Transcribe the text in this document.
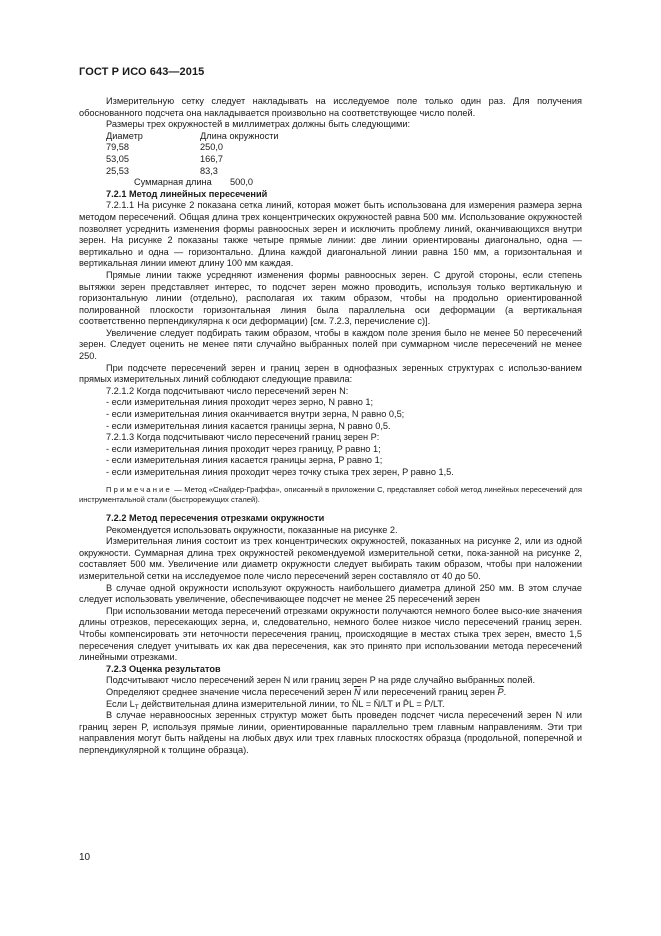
ГОСТ Р ИСО 643—2015

Измерительную сетку следует накладывать на исследуемое поле только один раз. Для получения обоснованного подсчета она накладывается произвольно на соответствующее число полей.

Размеры трех окружностей в миллиметрах должны быть следующими:

Диаметр	Длина окружности
79,58	250,0
53,05	166,7
25,53	83,3
Суммарная длина	500,0

7.2.1 Метод линейных пересечений

7.2.1.1 На рисунке 2 показана сетка линий, которая может быть использована для измерения размера зерна методом пересечений. Общая длина трех концентрических окружностей равна 500 мм. Использование окружностей позволяет усреднить изменения формы равноосных зерен и исключить проблему линий, оканчивающихся внутри зерен. На рисунке 2 показаны также четыре прямые линии: две линии ориентированы диагонально, одна — вертикально и одна — горизонтально. Длина каждой диагональной линии равна 150 мм, а горизонтальная и вертикальная линии имеют длину 100 мм каждая.

Прямые линии также усредняют изменения формы равноосных зерен. С другой стороны, если степень вытяжки зерен представляет интерес, то подсчет зерен можно проводить, используя только вертикальную и горизонтальную линии (отдельно), располагая их таким образом, чтобы на продольно ориентированной полированной плоскости горизонтальная линия была параллельна оси деформации (а вертикальная соответственно перпендикулярна к оси деформации) [см. 7.2.3, перечисление с)].

Увеличение следует подбирать таким образом, чтобы в каждом поле зрения было не менее 50 пересечений зерен. Следует оценить не менее пяти случайно выбранных полей при суммарном числе пересечений не менее 250.

При подсчете пересечений зерен и границ зерен в однофазных зеренных структурах с использо-ванием прямых измерительных линий соблюдают следующие правила:

7.2.1.2 Когда подсчитывают число пересечений зерен N:

- если измерительная линия проходит через зерно, N равно 1;

- если измерительная линия оканчивается внутри зерна, N равно 0,5;

- если измерительная линия касается границы зерна, N равно 0,5.

7.2.1.3 Когда подсчитывают число пересечений границ зерен P:

- если измерительная линия проходит через границу, P равно 1;

- если измерительная линия касается границы зерна, P равно 1;

- если измерительная линия проходит через точку стыка трех зерен, P равно 1,5.

Примечание — Метод «Снайдер-Граффа», описанный в приложении С, представляет собой метод линейных пересечений для инструментальной стали (быстрорежущих сталей).

7.2.2 Метод пересечения отрезками окружности

Рекомендуется использовать окружности, показанные на рисунке 2.

Измерительная линия состоит из трех концентрических окружностей, показанных на рисунке 2, или из одной окружности. Суммарная длина трех окружностей рекомендуемой измерительной сетки, пока-занной на рисунке 2, составляет 500 мм. Увеличение или диаметр окружности следует выбирать таким образом, чтобы при наложении измерительной сетки на исследуемое поле число пересечений зерен составляло от 40 до 50.

В случае одной окружности используют окружность наибольшего диаметра длиной 250 мм. В этом случае следует использовать увеличение, обеспечивающее подсчет не менее 25 пересечений зерен

При использовании метода пересечений отрезками окружности получаются немного более высо-кие значения длины отрезков, пересекающих зерна, и, следовательно, немного более низкое число пересечений границ зерен. Чтобы компенсировать эти неточности пересечения границ, происходящие в местах стыка трех зерен, вместо 1,5 пересечения следует учитывать их как два пересечения, как это принято при использовании метода пересечений линейными отрезками.

7.2.3 Оценка результатов

Подсчитывают число пересечений зерен N или границ зерен P на ряде случайно выбранных полей.

Определяют среднее значение числа пересечений зерен $\overline{N}$ или пересечений границ зерен $\overline{P}$.

Если $L_T$ действительная длина измерительной линии, то N̄L = N̄/LT и P̄L = P̄/LT.

В случае неравноосных зеренных структур может быть проведен подсчет числа пересечений зерен N или границ зерен P, используя прямые линии, ориентированные параллельно трем главным направлениям. Эти три направления могут быть найдены на любых двух или трех главных плоскостях образца (продольной, поперечной и перпендикулярной к толщине образца).

10
